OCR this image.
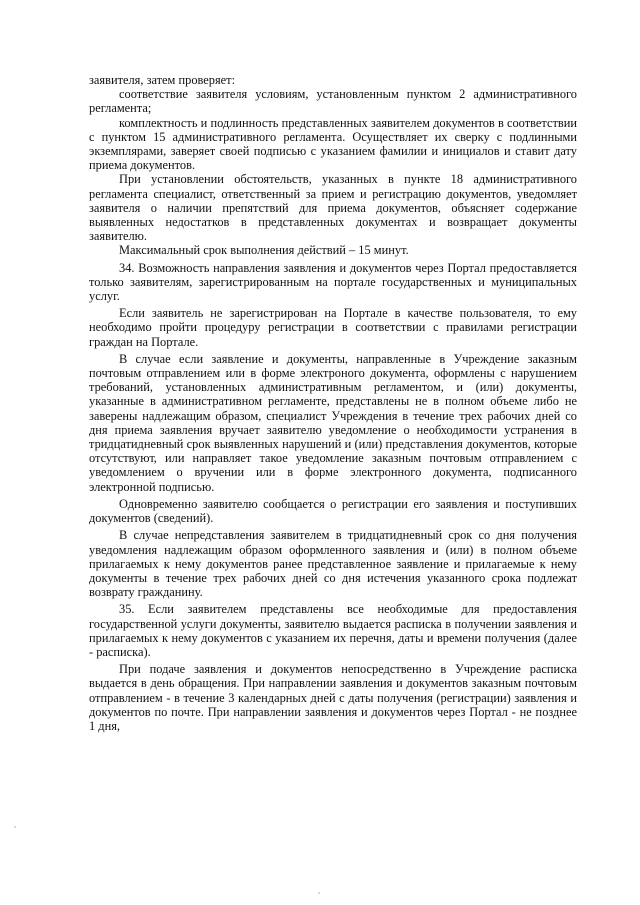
заявителя, затем проверяет:

соответствие заявителя условиям, установленным пунктом 2 административного регламента;

комплектность и подлинность представленных заявителем документов в соответствии с пунктом 15 административного регламента. Осуществляет их сверку с подлинными экземплярами, заверяет своей подписью с указанием фамилии и инициалов и ставит дату приема документов.

При установлении обстоятельств, указанных в пункте 18 административного регламента специалист, ответственный за прием и регистрацию документов, уведомляет заявителя о наличии препятствий для приема документов, объясняет содержание выявленных недостатков в представленных документах и возвращает документы заявителю.

Максимальный срок выполнения действий – 15 минут.

34. Возможность направления заявления и документов через Портал предоставляется только заявителям, зарегистрированным на портале государственных и муниципальных услуг.

Если заявитель не зарегистрирован на Портале в качестве пользователя, то ему необходимо пройти процедуру регистрации в соответствии с правилами регистрации граждан на Портале.

В случае если заявление и документы, направленные в Учреждение заказным почтовым отправлением или в форме электроного документа, оформлены с нарушением требований, установленных административным регламентом, и (или) документы, указанные в административном регламенте, представлены не в полном объеме либо не заверены надлежащим образом, специалист Учреждения в течение трех рабочих дней со дня приема заявления вручает заявителю уведомление о необходимости устранения в тридцатидневный срок выявленных нарушений и (или) представления документов, которые отсутствуют, или направляет такое уведомление заказным почтовым отправлением с уведомлением о вручении или в форме электронного документа, подписанного электронной подписью.

Одновременно заявителю сообщается о регистрации его заявления и поступивших документов (сведений).

В случае непредставления заявителем в тридцатидневный срок со дня получения уведомления надлежащим образом оформленного заявления и (или) в полном объеме прилагаемых к нему документов ранее представленное заявление и прилагаемые к нему документы в течение трех рабочих дней со дня истечения указанного срока подлежат возврату гражданину.

35. Если заявителем представлены все необходимые для предоставления государственной услуги документы, заявителю выдается расписка в получении заявления и прилагаемых к нему документов с указанием их перечня, даты и времени получения (далее - расписка).

При подаче заявления и документов непосредственно в Учреждение расписка выдается в день обращения. При направлении заявления и документов заказным почтовым отправлением - в течение 3 календарных дней с даты получения (регистрации) заявления и документов по почте. При направлении заявления и документов через Портал - не позднее 1 дня,
